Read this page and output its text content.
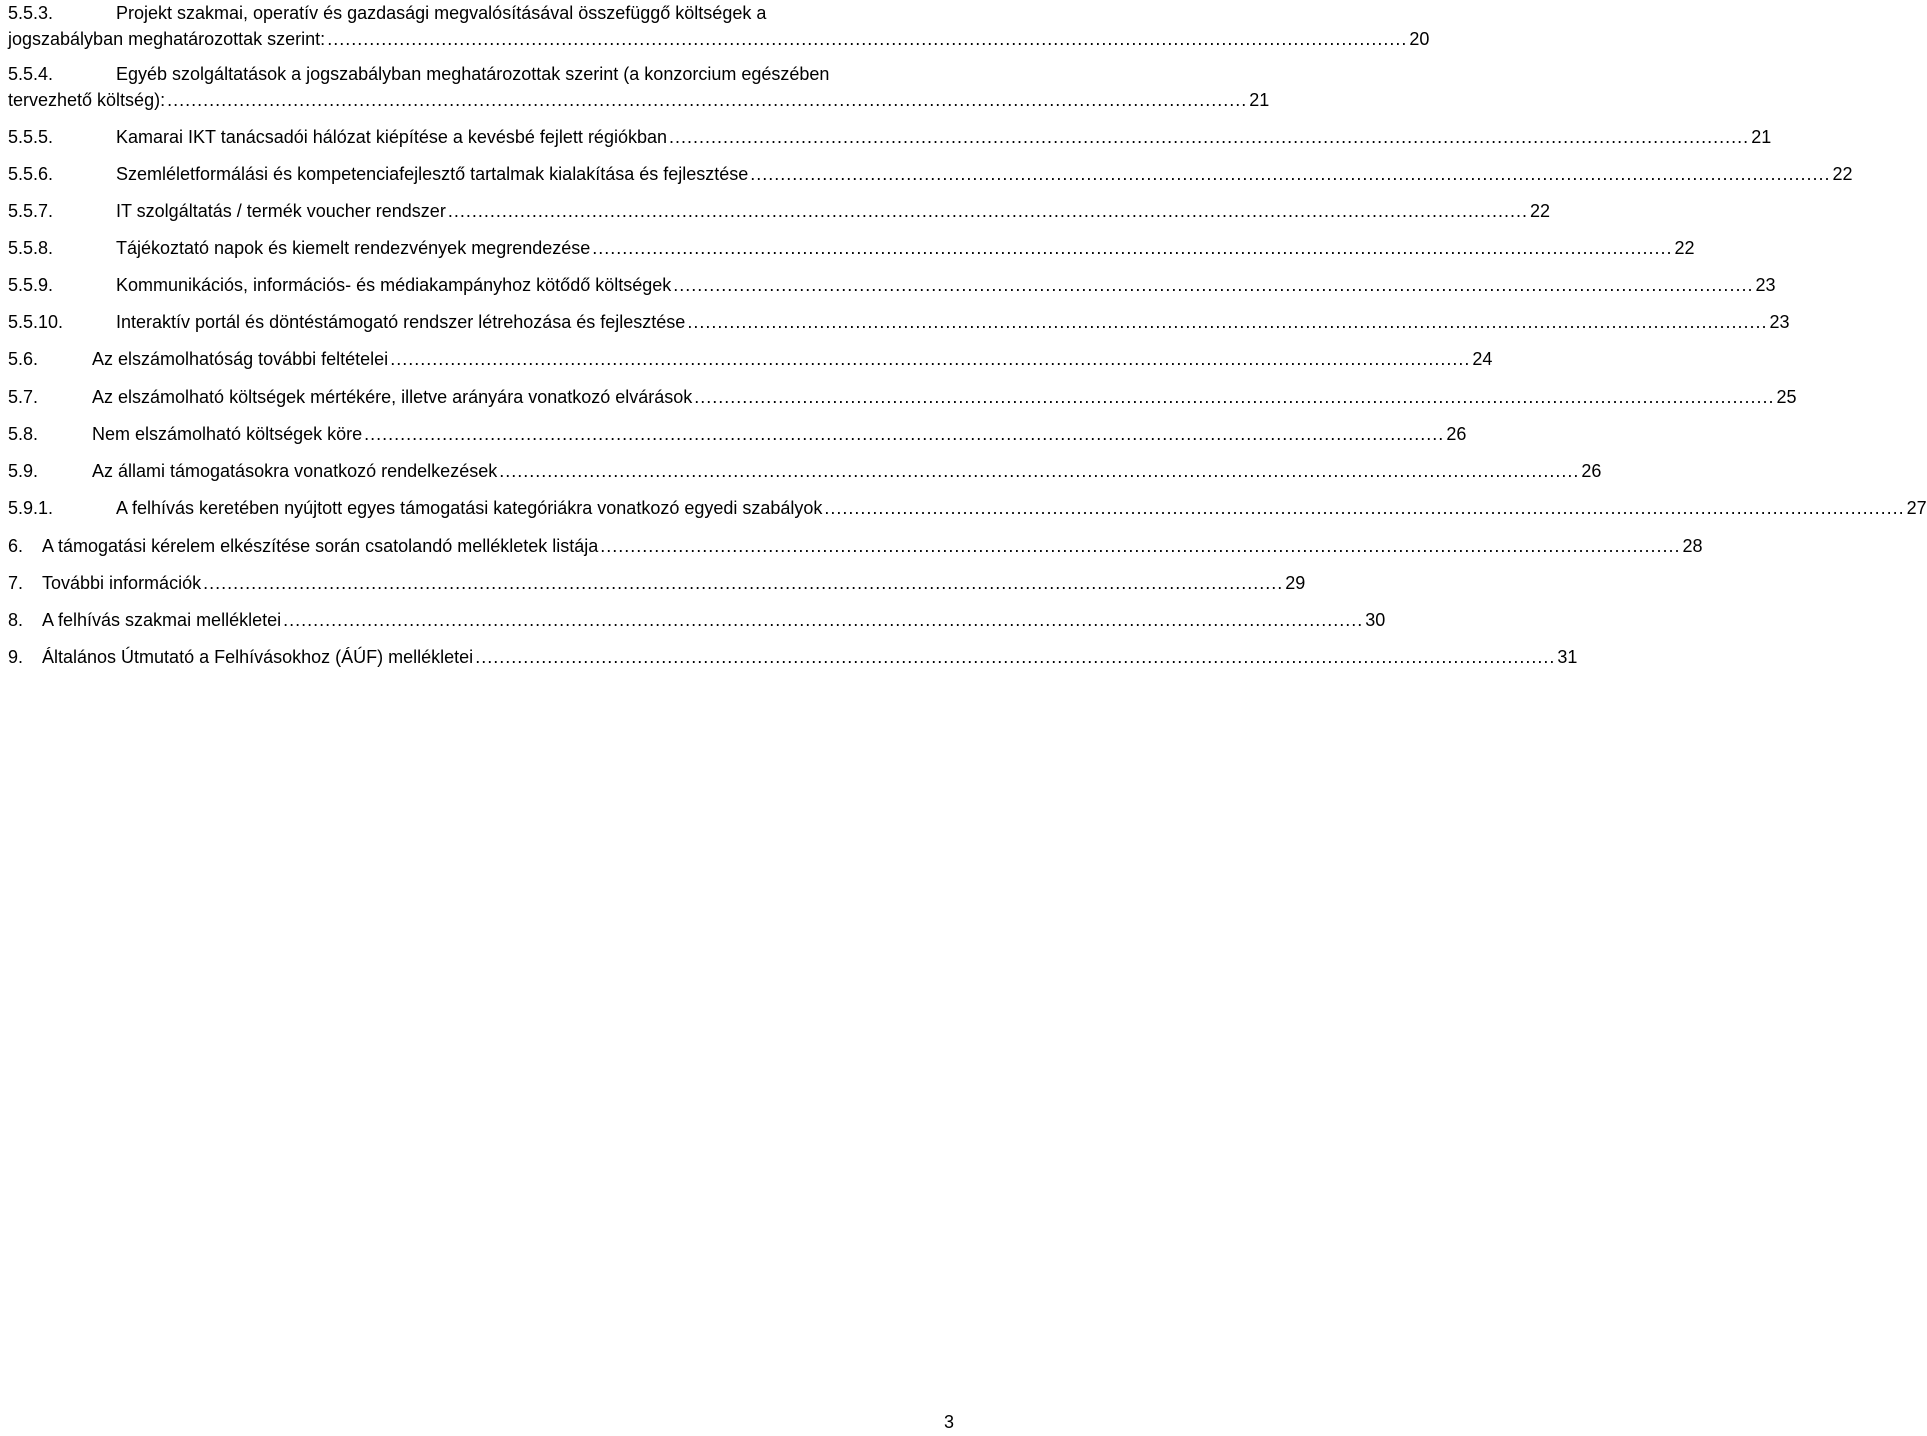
5.5.3.	Projekt szakmai, operatív és gazdasági megvalósításával összefüggő költségek a
jogszabályban meghatározottak szerint: .................................................................................................................................................................................... 20
5.5.4.	Egyéb szolgáltatások a jogszabályban meghatározottak szerint (a konzorcium egészében
tervezhető költség): .................................................................................................................................................................................... 21
5.5.5.	Kamarai IKT tanácsadói hálózat kiépítése a kevésbé fejlett régiókban .................................................................................................................................................................................... 21
5.5.6.	Szemléletformálási és kompetenciafejlesztő tartalmak kialakítása és fejlesztése .................................................................................................................................................................................... 22
5.5.7.	IT szolgáltatás / termék voucher rendszer .................................................................................................................................................................................... 22
5.5.8.	Tájékoztató napok és kiemelt rendezvények megrendezése .................................................................................................................................................................................... 22
5.5.9.	Kommunikációs, információs- és médiakampányhoz kötődő költségek .................................................................................................................................................................................... 23
5.5.10.	Interaktív portál és döntéstámogató rendszer létrehozása és fejlesztése .................................................................................................................................................................................... 23
5.6.	Az elszámolhatóság további feltételei .................................................................................................................................................................................... 24
5.7.	Az elszámolható költségek mértékére, illetve arányára vonatkozó elvárások .................................................................................................................................................................................... 25
5.8.	Nem elszámolható költségek köre .................................................................................................................................................................................... 26
5.9.	Az állami támogatásokra vonatkozó rendelkezések .................................................................................................................................................................................... 26
5.9.1.	A felhívás keretében nyújtott egyes támogatási kategóriákra vonatkozó egyedi szabályok .................................................................................................................................................................................... 27
6.	A támogatási kérelem elkészítése során csatolandó mellékletek listája .................................................................................................................................................................................... 28
7.	További információk .................................................................................................................................................................................... 29
8.	A felhívás szakmai mellékletei .................................................................................................................................................................................... 30
9.	Általános Útmutató a Felhívásokhoz (ÁÚF) mellékletei .................................................................................................................................................................................... 31
3
